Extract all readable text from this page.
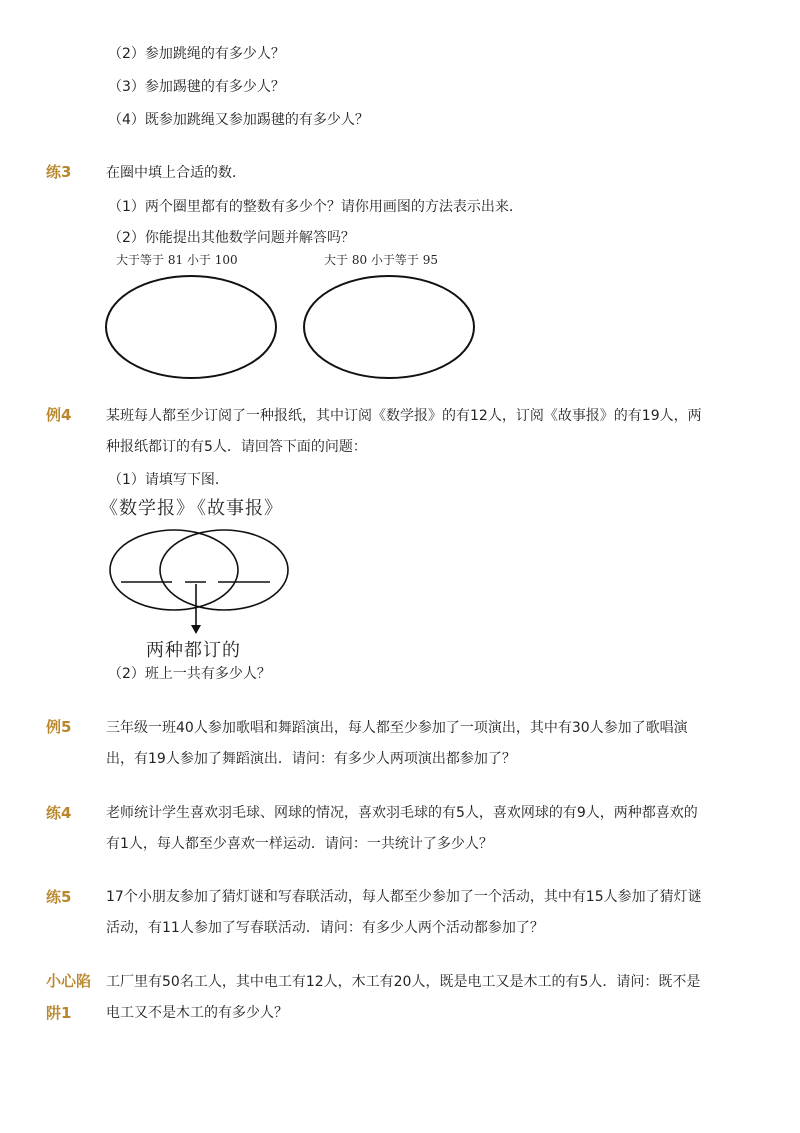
（2）参加跳绳的有多少人？
（3）参加踢毽的有多少人？
（4）既参加跳绳又参加踢毽的有多少人？
练3 在圈中填上合适的数．
（1）两个圈里都有的整数有多少个？请你用画图的方法表示出来．
（2）你能提出其他数学问题并解答吗？
大于等于 81 小于 100	大于 80 小于等于 95
例4 某班每人都至少订阅了一种报纸，其中订阅《数学报》的有12人，订阅《故事报》的有19人，两
种报纸都订的有5人．请回答下面的问题：
（1）请填写下图．
《数学报》
《故事报》
两种都订的
（2）班上一共有多少人？
例5 三年级一班40人参加歌唱和舞蹈演出，每人都至少参加了一项演出，其中有30人参加了歌唱演
出，有19人参加了舞蹈演出．请问：有多少人两项演出都参加了？
练4 老师统计学生喜欢羽毛球、网球的情况，喜欢羽毛球的有5人，喜欢网球的有9人，两种都喜欢的
有1人，每人都至少喜欢一样运动．请问：一共统计了多少人？
练5 17个小朋友参加了猜灯谜和写春联活动，每人都至少参加了一个活动，其中有15人参加了猜灯谜
活动，有11人参加了写春联活动．请问：有多少人两个活动都参加了？
小心陷
阱1
工厂里有50名工人，其中电工有12人，木工有20人，既是电工又是木工的有5人．请问：既不是
电工又不是木工的有多少人？
